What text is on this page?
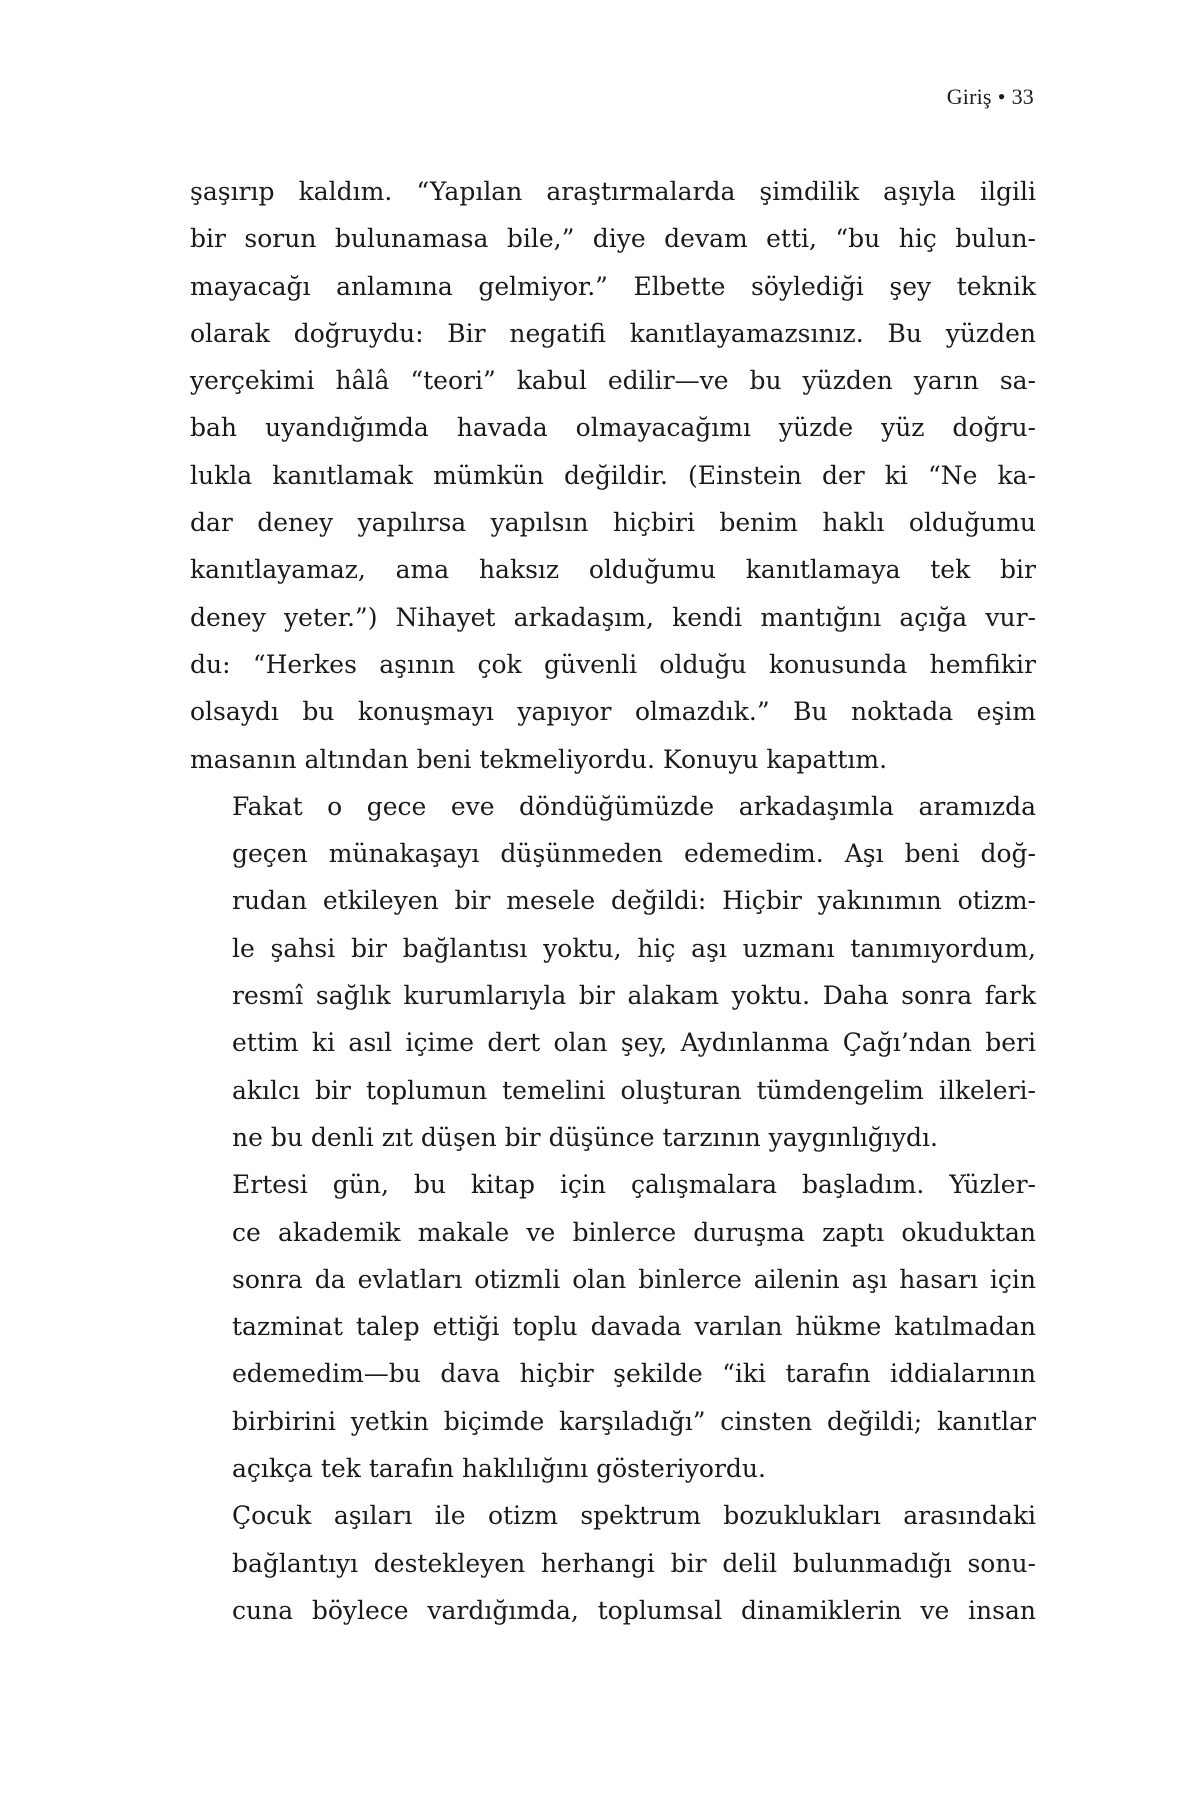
Giriş • 33

şaşırıp kaldım. “Yapılan araştırmalarda şimdilik aşıyla ilgili
bir sorun bulunamasa bile,” diye devam etti, “bu hiç bulun-
mayacağı anlamına gelmiyor.” Elbette söylediği şey teknik
olarak doğruydu: Bir negatifi kanıtlayamazsınız. Bu yüzden
yerçekimi hâlâ “teori” kabul edilir—ve bu yüzden yarın sa-
bah uyandığımda havada olmayacağımı yüzde yüz doğru-
lukla kanıtlamak mümkün değildir. (Einstein der ki “Ne ka-
dar deney yapılırsa yapılsın hiçbiri benim haklı olduğumu
kanıtlayamaz, ama haksız olduğumu kanıtlamaya tek bir
deney yeter.”) Nihayet arkadaşım, kendi mantığını açığa vur-
du: “Herkes aşının çok güvenli olduğu konusunda hemfikir
olsaydı bu konuşmayı yapıyor olmazdık.” Bu noktada eşim
masanın altından beni tekmeliyordu. Konuyu kapattım.

Fakat o gece eve döndüğümüzde arkadaşımla aramızda
geçen münakaşayı düşünmeden edemedim. Aşı beni doğ-
rudan etkileyen bir mesele değildi: Hiçbir yakınımın otizm-
le şahsi bir bağlantısı yoktu, hiç aşı uzmanı tanımıyordum,
resmî sağlık kurumlarıyla bir alakam yoktu. Daha sonra fark
ettim ki asıl içime dert olan şey, Aydınlanma Çağı’ndan beri
akılcı bir toplumun temelini oluşturan tümdengelim ilkeleri-
ne bu denli zıt düşen bir düşünce tarzının yaygınlığıydı.

Ertesi gün, bu kitap için çalışmalara başladım. Yüzler-
ce akademik makale ve binlerce duruşma zaptı okuduktan
sonra da evlatları otizmli olan binlerce ailenin aşı hasarı için
tazminat talep ettiği toplu davada varılan hükme katılmadan
edemedim—bu dava hiçbir şekilde “iki tarafın iddialarının
birbirini yetkin biçimde karşıladığı” cinsten değildi; kanıtlar
açıkça tek tarafın haklılığını gösteriyordu.

Çocuk aşıları ile otizm spektrum bozuklukları arasındaki
bağlantıyı destekleyen herhangi bir delil bulunmadığı sonu-
cuna böylece vardığımda, toplumsal dinamiklerin ve insan
